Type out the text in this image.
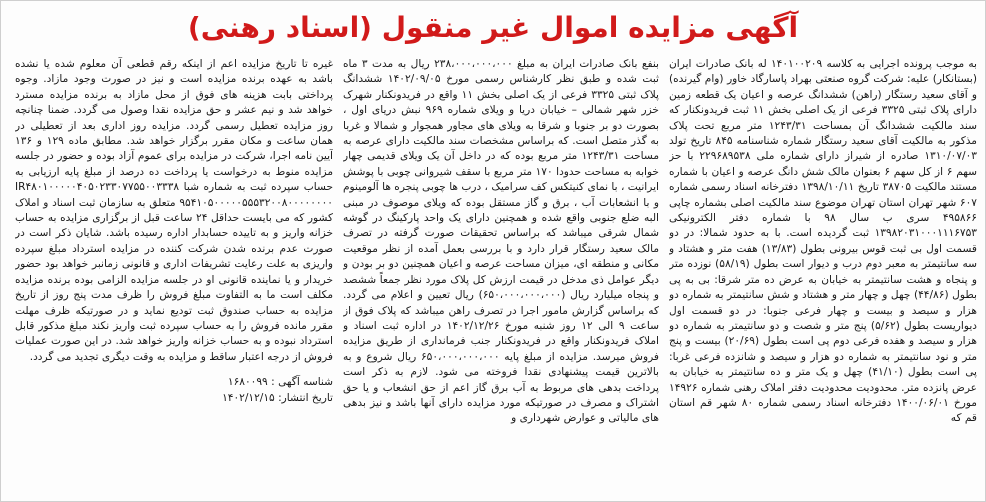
آگهی مزایده اموال غیر منقول (اسناد رهنی)

به موجب پرونده اجرایی به کلاسه ۱۴۰۱۰۰۲۰۹ له بانک صادرات ایران (بستانکار) علیه: شرکت گروه صنعتی بهراد پاسارگاد خاور (وام گیرنده) و آقای سعید رستگار (راهن) ششدانگ عرصه و اعیان یک قطعه زمین دارای پلاک ثبتی ۳۳۲۵ فرعی از یک اصلی بخش ۱۱ ثبت فریدونکنار که سند مالکیت ششدانگ آن بمساحت ۱۲۴۳/۳۱ متر مربع تحت پلاک مذکور به مالکیت آقای سعید رستگار شماره شناسنامه ۸۴۵ تاریخ تولد ۱۳۱۰/۰۷/۰۳ صادره از شیراز دارای شماره ملی ۲۲۹۶۸۹۵۳۸ با حز سهم ۶ از کل سهم ۶ بعنوان مالک شش دانگ عرصه و اعیان با شماره مستند مالکیت ۳۸۷۰۵ تاریخ ۱۳۹۸/۱۰/۱۱ دفترخانه اسناد رسمی شماره ۶۰۷ شهر تهران استان تهران موضوع سند مالکیت اصلی بشماره چاپی ۴۹۵۸۶۶ سری ب سال ۹۸ با شماره دفتر الکترونیکی ۱۳۹۸۲۰۳۱۰۰۰۱۱۱۶۷۵۳ ثبت گردیده است. با به حدود شمالا: در دو قسمت اول بی ثبت قوس بیرونی بطول (۱۳/۸۳) هفت متر و هشتاد و سه سانتیمتر به معبر دوم درب و دیوار است بطول (۵۸/۱۹) نوزده متر و پنجاه و هشت سانتیمتر به خیابان به عرض ده متر شرقا: بی به پی بطول (۴۴/۸۶) چهل و چهار متر و هشتاد و شش سانتیمتر به شماره دو هزار و سیصد و بیست و چهار فرعی جنوبا: در دو قسمت اول دیواریست بطول (۵/۶۲) پنج متر و شصت و دو سانتیمتر به شماره دو هزار و سیصد و هفده فرعی دوم پی است بطول (۲۰/۶۹) بیست و پنج متر و نود سانتیمتر به شماره دو هزار و سیصد و شانزده فرعی غربا: پی است بطول (۴۱/۱۰) چهل و یک متر و ده سانتیمتر به خیابان به عرض پانزده متر. محدودیت محدودیت دفتر املاک رهنی شماره ۱۴۹۲۶ مورخ ۱۴۰۰/۰۶/۰۱ دفترخانه اسناد رسمی شماره ۸۰ شهر قم استان قم که

بنفع بانک صادرات ایران به مبلغ ۲۳۸،۰۰۰،۰۰۰،۰۰۰ ریال به مدت ۳ ماه ثبت شده و طبق نظر کارشناس رسمی مورخ ۱۴۰۲/۰۹/۰۵ ششدانگ پلاک ثبتی ۳۳۲۵ فرعی از یک اصلی بخش ۱۱ واقع در فریدونکنار شهرک خزر شهر شمالی – خیابان دریا و ویلای شماره ۹۶۹ نبش دریای اول ، بصورت دو بر جنوبا و شرقا به ویلای های مجاور همجوار و شمالا و غربا به گذر متصل است. که براساس مشخصات سند مالکیت دارای عرصه به مساحت ۱۲۴۳/۳۱ متر مربع بوده که در داخل آن یک ویلای قدیمی چهار خوابه به مساحت حدودا ۱۷۰ متر مربع با سقف شیروانی چوبی با پوشش ایرانیت ، با نمای کنیتکس کف سرامیک ، درب ها چوبی پنجره ها آلومینوم و با انشعابات آب ، برق و گاز مستقل بوده که ویلای موصوف در مبنی البه ضلع جنوبی واقع شده و همچنین دارای یک واحد پارکینگ در گوشه شمال شرقی میباشد که براساس تحقیقات صورت گرفته در تصرف مالک سعید رستگار قرار دارد و با بررسی بعمل آمده از نظر موقعیت مکانی و منطقه ای، میزان مساحت عرصه و اعیان همچنین دو بر بودن و دیگر عوامل ذی مدخل در قیمت ارزش کل پلاک مورد نظر جمعاً ششصد و پنجاه میلیارد ریال (۶۵۰،۰۰۰،۰۰۰،۰۰۰) ریال تعیین و اعلام می گردد. که براساس گزارش مامور اجرا در تصرف راهن میباشد که پلاک فوق از ساعت ۹ الی ۱۲ روز شنبه مورخ ۱۴۰۲/۱۲/۲۶ در اداره ثبت اسناد و املاک فریدونکنار واقع در فریدونکنار جنب فرمانداری از طریق مزایده فروش میرسد. مزایده از مبلغ پایه ۶۵۰،۰۰۰،۰۰۰،۰۰۰ ریال شروع و به بالاترین قیمت پیشنهادی نقدا فروخته می شود. لازم به ذکر است پرداخت بدهی های مربوط به آب برق گاز اعم از حق انشعاب و یا حق اشتراک و مصرف در صورتیکه مورد مزایده دارای آنها باشد و نیز بدهی های مالیاتی و عوارض شهرداری و

غیره تا تاریخ مزایده اعم از اینکه رقم قطعی آن معلوم شده یا نشده باشد به عهده برنده مزایده است و نیز در صورت وجود مازاد. وجوه پرداختی بابت هزینه های فوق از محل مازاد به برنده مزایده مسترد خواهد شد و نیم عشر و حق مزایده نقدا وصول می گردد. ضمنا چنانچه روز مزایده تعطیل رسمی گردد. مزایده روز اداری بعد از تعطیلی در همان ساعت و مکان مقرر برگزار خواهد شد. مطابق ماده ۱۲۹ و ۱۳۶ آیین نامه اجرا، شرکت در مزایده برای عموم آزاد بوده و حضور در جلسه مزایده منوط به درخواست یا پرداخت ده درصد از مبلغ پایه ارزیابی به حساب سپرده ثبت به شماره شبا IR۴۸۰۱۰۰۰۰۰۴۰۵۰۲۳۳۰۷۷۵۵۰۰۳۳۳۸ ۹۵۴۱۰۵۰۰۰۰۰۵۵۵۳۲۰۰۸۰۰۰۰۰۰۰۰ متعلق به سازمان ثبت اسناد و املاک کشور که می بایست حداقل ۲۴ ساعت قبل از برگزاری مزایده به حساب خزانه واریز و به تاییده حسابدار اداره رسیده باشد. شایان ذکر است در صورت عدم برنده شدن شرکت کننده در مزایده استرداد مبلغ سپرده واریزی به علت رعایت تشریفات اداری و قانونی زمانبر خواهد بود حضور خریدار و یا نماینده قانونی او در جلسه مزایده الزامی بوده برنده مزایده مکلف است ما به التفاوت مبلغ فروش را ظرف مدت پنج روز از تاریخ مزایده به حساب صندوق ثبت تودیع نماید و در صورتیکه ظرف مهلت مقرر مانده فروش را به حساب سپرده ثبت واریز نکند مبلغ مذکور قابل استرداد نبوده و به حساب خزانه واریز خواهد شد. در این صورت عملیات فروش از درجه اعتبار ساقط و مزایده به وقت دیگری تجدید می گردد.

شناسه آگهی : ۱۶۸۰۰۹۹
تاریخ انتشار: ۱۴۰۲/۱۲/۱۵
